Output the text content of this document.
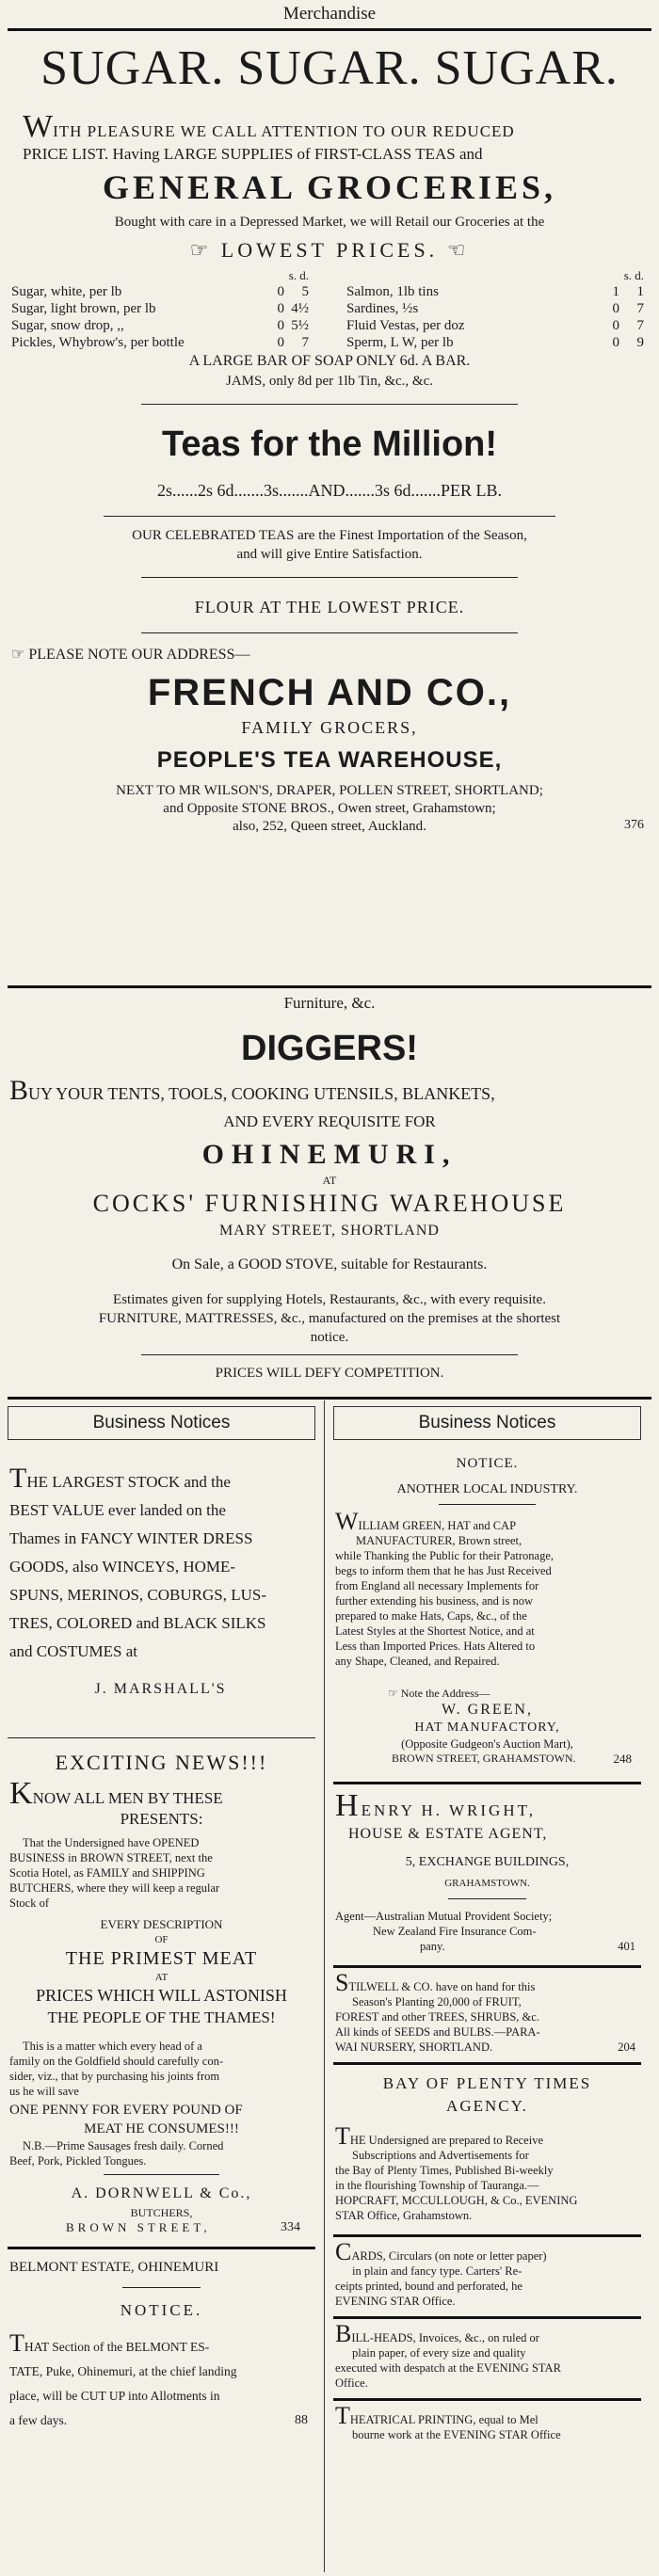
Merchandise
SUGAR. SUGAR. SUGAR.
WITH PLEASURE WE CALL ATTENTION TO OUR REDUCED
PRICE LIST. Having LARGE SUPPLIES of FIRST-CLASS TEAS and
GENERAL GROCERIES,
Bought with care in a Depressed Market, we will Retail our Groceries at the
☞ LOWEST PRICES. ☜
	s. d.	
Sugar, white, per lb	0	5
Sugar, light brown, per lb	0	4½
Sugar, snow drop, ,,	0	5½
Pickles, Whybrow's, per bottle	0	7
	s. d.	
Salmon, 1lb tins	1	1
Sardines, ½s	0	7
Fluid Vestas, per doz	0	7
Sperm, L W, per lb	0	9
A LARGE BAR OF SOAP ONLY 6d. A BAR.
JAMS, only 8d per 1lb Tin, &c., &c.
Teas for the Million!
2s......2s 6d.......3s.......AND.......3s 6d.......PER LB.
OUR CELEBRATED TEAS are the Finest Importation of the Season,
and will give Entire Satisfaction.
FLOUR AT THE LOWEST PRICE.
☞ PLEASE NOTE OUR ADDRESS—
FRENCH AND CO.,
FAMILY GROCERS,
PEOPLE'S TEA WAREHOUSE,
NEXT TO MR WILSON'S, DRAPER, POLLEN STREET, SHORTLAND;
and Opposite STONE BROS., Owen street, Grahamstown;
also, 252, Queen street, Auckland.	376
Furniture, &c.
DIGGERS!
BUY YOUR TENTS, TOOLS, COOKING UTENSILS, BLANKETS,
AND EVERY REQUISITE FOR
OHINEMURI,
AT
COCKS' FURNISHING WAREHOUSE
MARY STREET, SHORTLAND
On Sale, a GOOD STOVE, suitable for Restaurants.
Estimates given for supplying Hotels, Restaurants, &c., with every requisite.
FURNITURE, MATTRESSES, &c., manufactured on the premises at the shortest
notice.
PRICES WILL DEFY COMPETITION.
Business Notices
THE LARGEST STOCK and the
BEST VALUE ever landed on the
Thames in FANCY WINTER DRESS
GOODS, also WINCEYS, HOME-
SPUNS, MERINOS, COBURGS, LUS-
TRES, COLORED and BLACK SILKS
and COSTUMES at
J. MARSHALL'S
EXCITING NEWS!!!
KNOW ALL MEN BY THESE
PRESENTS:
That the Undersigned have OPENED
BUSINESS in BROWN STREET, next the
Scotia Hotel, as FAMILY and SHIPPING
BUTCHERS, where they will keep a regular
Stock of
EVERY DESCRIPTION
OF
THE PRIMEST MEAT
AT
PRICES WHICH WILL ASTONISH
THE PEOPLE OF THE THAMES!
This is a matter which every head of a
family on the Goldfield should carefully con-
sider, viz., that by purchasing his joints from
us he will save
ONE PENNY FOR EVERY POUND OF
MEAT HE CONSUMES!!!
N.B.—Prime Sausages fresh daily. Corned
Beef, Pork, Pickled Tongues.
A. DORNWELL & Co.,
BUTCHERS,
BROWN STREET,	334
BELMONT ESTATE, OHINEMURI
NOTICE.
THAT Section of the BELMONT ES-
TATE, Puke, Ohinemuri, at the chief landing
place, will be CUT UP into Allotments in
a few days.	88
Business Notices
NOTICE.
ANOTHER LOCAL INDUSTRY.
WILLIAM GREEN, HAT and CAP
MANUFACTURER, Brown street,
while Thanking the Public for their Patronage,
begs to inform them that he has Just Received
from England all necessary Implements for
further extending his business, and is now
prepared to make Hats, Caps, &c., of the
Latest Styles at the Shortest Notice, and at
Less than Imported Prices. Hats Altered to
any Shape, Cleaned, and Repaired.
☞ Note the Address—
W. GREEN,
HAT MANUFACTORY,
(Opposite Gudgeon's Auction Mart),
BROWN STREET, GRAHAMSTOWN.	248
HENRY H. WRIGHT,
HOUSE & ESTATE AGENT,
5, EXCHANGE BUILDINGS,
GRAHAMSTOWN.
Agent—Australian Mutual Provident Society;
New Zealand Fire Insurance Com-
pany.	401
STILWELL & CO. have on hand for this
Season's Planting 20,000 of FRUIT,
FOREST and other TREES, SHRUBS, &c.
All kinds of SEEDS and BULBS.—PARA-
WAI NURSERY, SHORTLAND.	204
BAY OF PLENTY TIMES
AGENCY.
THE Undersigned are prepared to Receive
Subscriptions and Advertisements for
the Bay of Plenty Times, Published Bi-weekly
in the flourishing Township of Tauranga.—
HOPCRAFT, MCCULLOUGH, & Co., EVENING
STAR Office, Grahamstown.
CARDS, Circulars (on note or letter paper)
in plain and fancy type. Carters' Re-
ceipts printed, bound and perforated, he
EVENING STAR Office.
BILL-HEADS, Invoices, &c., on ruled or
plain paper, of every size and quality
executed with despatch at the EVENING STAR
Office.
THEATRICAL PRINTING, equal to Mel
bourne work at the EVENING STAR Office
